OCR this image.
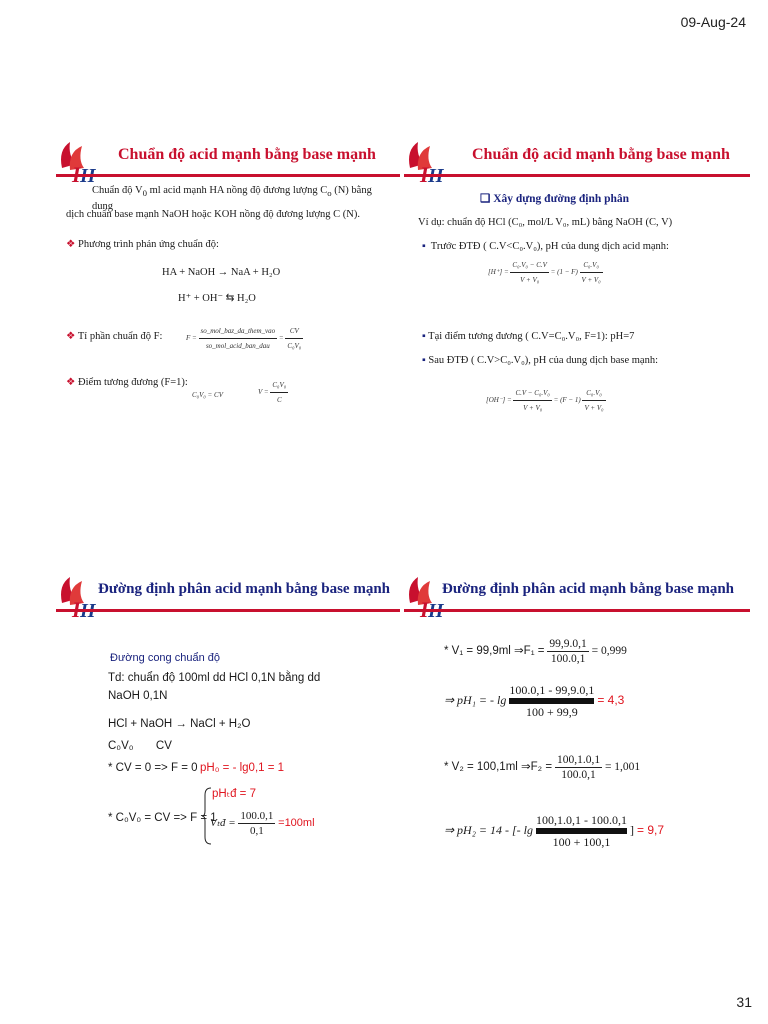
09-Aug-24
Chuẩn độ acid mạnh bằng base mạnh
Chuẩn độ $V_0$ ml acid mạnh HA nồng độ đương lượng $C_o$ (N) bằng dung
dịch chuẩn base mạnh NaOH hoặc KOH nồng độ đương lượng C (N).
❖ Phương trình phản ứng chuẩn độ:
HA + NaOH → NaA + H₂O
H⁺ + OH⁻ ⇆ H₂O
❖ Tỉ phần chuẩn độ F:	$F = \frac{\text{so\_mol\_baz\_da\_them\_vao}}{\text{so\_mol\_acid\_ban\_dau}} = \frac{CV}{\text{C₀V₀}}$
❖ Điểm tương đương (F=1):
C₀V₀ = CV	$V = \frac{\text{C₀V₀}}{C}$
Chuẩn độ acid mạnh bằng base mạnh
❑ Xây dựng đường định phân
Ví dụ: chuẩn độ HCl (C₀, mol/L V₀, mL) bằng NaOH (C, V)
▪ Trước ĐTĐ ( C.V<C₀.V₀), pH của dung dịch acid mạnh:
$[H^+] = \frac{\text{C₀.V₀ − C.V}}{\text{V + V₀}} = (1 - F) \frac{\text{C₀.V₀}}{\text{V + V₀}}$
▪ Tại điểm tương đương ( C.V=C₀.V₀, F=1): pH=7
▪ Sau ĐTĐ ( C.V>C₀.V₀), pH của dung dịch base mạnh:
$[OH^-] = \frac{\text{C.V − C₀.V₀}}{\text{V + V₀}} = (F - 1) \frac{\text{C₀.V₀}}{\text{V + V₀}}$
Đường định phân acid mạnh bằng base mạnh
Đường cong chuẩn độ
Td: chuẩn độ 100ml dd HCl 0,1N bằng dd
NaOH 0,1N
HCl + NaOH → NaCl + H₂O
C₀V₀       CV
* CV = 0 => F = 0 pH₀ = - lg0,1 = 1
* C₀V₀ = CV => F = 1
pHₜđ = 7
Vₜđ = $\frac{100.0,1}{0,1} =100ml$
Đường định phân acid mạnh bằng base mạnh
* V₁ = 99,9ml ⇒F₁ = $\frac{99,9.0,1}{100.0,1} = 0,999$
⇒ pH₁ = - lg 100.0,1 - 99,9.0,1
100 + 99,9 = 4,3
* V₂ = 100,1ml ⇒F₂ = $\frac{100,1.0,1}{100.0,1} = 1,001$
⇒ pH₂ = 14 - [- lg 100,1.0,1 - 100.0,1
100 + 100,1 ] = 9,7
31
